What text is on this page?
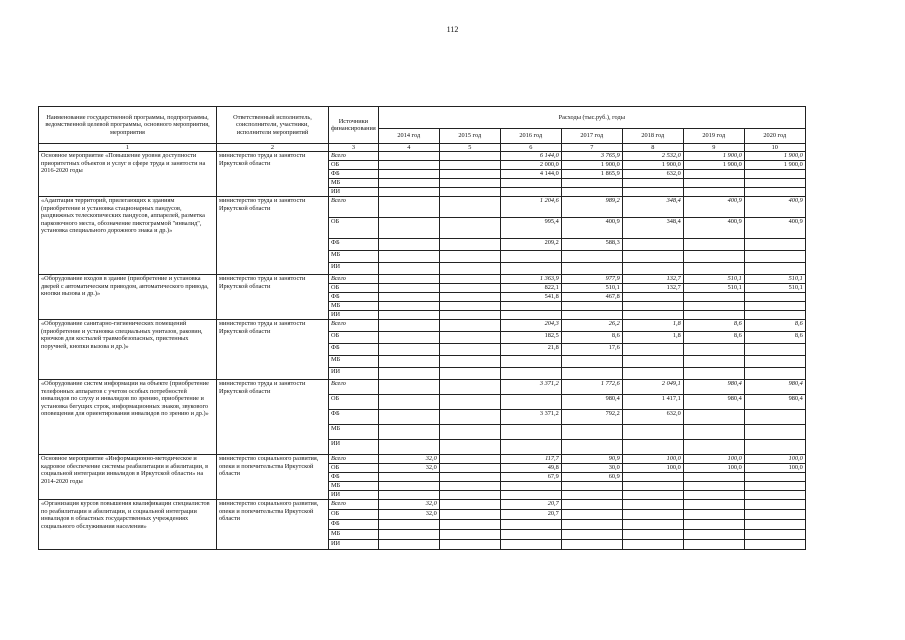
112
Наименование государственной программы, подпрограммы, ведомственной целевой программы, основного мероприятия, мероприятия	Ответственный исполнитель, соисполнители, участники, исполнители мероприятий	Источники финансирования	Расходы (тыс.руб.), годы						
			2014 год	2015 год	2016 год	2017 год	2018 год	2019 год	2020 год
1	2	3	4	5	6	7	8	9	10
Основное мероприятие «Повышение уровня доступности приоритетных объектов и услуг в сфере труда и занятости на 2016-2020 годы	министерство труда и занятости Иркутской области	Всего			6 144,0	3 765,9	2 532,0	1 900,0	1 900,0
		ОБ			2 000,0	1 900,0	1 900,0	1 900,0	1 900,0
		ФБ			4 144,0	1 865,9	632,0		
		МБ							
		ИИ							
«Адаптация территорий, прилегающих к зданиям (приобретение и установка стационарных пандусов, раздвижных телескопических пандусов, аппарелей, разметка парковочного места, обозначение пиктограммой "инвалид", установка специального дорожного знака и др.)»	министерство труда и занятости Иркутской области	Всего			1 204,6	989,2	348,4	400,9	400,9
		ОБ			995,4	400,9	348,4	400,9	400,9
		ФБ			209,2	588,3			
		МБ							
		ИИ							
«Оборудование входов в здание (приобретение и установка дверей с автоматическим приводом, автоматического привода, кнопки вызова и др.)»	министерство труда и занятости Иркутской области	Всего			1 363,9	977,9	132,7	510,1	510,1
		ОБ			822,1	510,1	132,7	510,1	510,1
		ФБ			541,8	467,8			
		МБ							
		ИИ							
«Оборудование санитарно-гигиенических помещений (приобретение и установка специальных унитазов, раковин, крючков для костылей травмобезопасных, пристенных поручней, кнопки вызова и др.)»	министерство труда и занятости Иркутской области	Всего			204,3	26,2	1,8	8,6	8,6
		ОБ			182,5	8,6	1,8	8,6	8,6
		ФБ			21,8	17,6			
		МБ							
		ИИ							
«Оборудование систем информации на объекте (приобретение телефонных аппаратов с учетом особых потребностей инвалидов по слуху и инвалидов по зрению, приобретение и установка бегущих строк, информационных знаков, звукового оповещения для ориентирования инвалидов по зрению и др.)»	министерство труда и занятости Иркутской области	Всего			3 371,2	1 772,6	2 049,1	980,4	980,4
		ОБ				980,4	1 417,1	980,4	980,4
		ФБ			3 371,2	792,2	632,0		
		МБ							
		ИИ							
Основное мероприятие «Информационно-методическое и кадровое обеспечение системы реабилитации и абилитации, в социальной интеграции инвалидов в Иркутской области» на 2014-2020 годы	министерство социального развития, опеки и попечительства Иркутской области	Всего	32,0		117,7	90,9	100,0	100,0	100,0
		ОБ	32,0		49,8	30,0	100,0	100,0	100,0
		ФБ			67,9	60,9			
		МБ							
		ИИ							
«Организация курсов повышения квалификации специалистов по реабилитации и абилитации, и социальной интеграции инвалидов в областных государственных учреждениях социального обслуживания населения»	министерство социального развития, опеки и попечительства Иркутской области	Всего	32,0		20,7				
		ОБ	32,0		20,7				
		ФБ							
		МБ							
		ИИ							
